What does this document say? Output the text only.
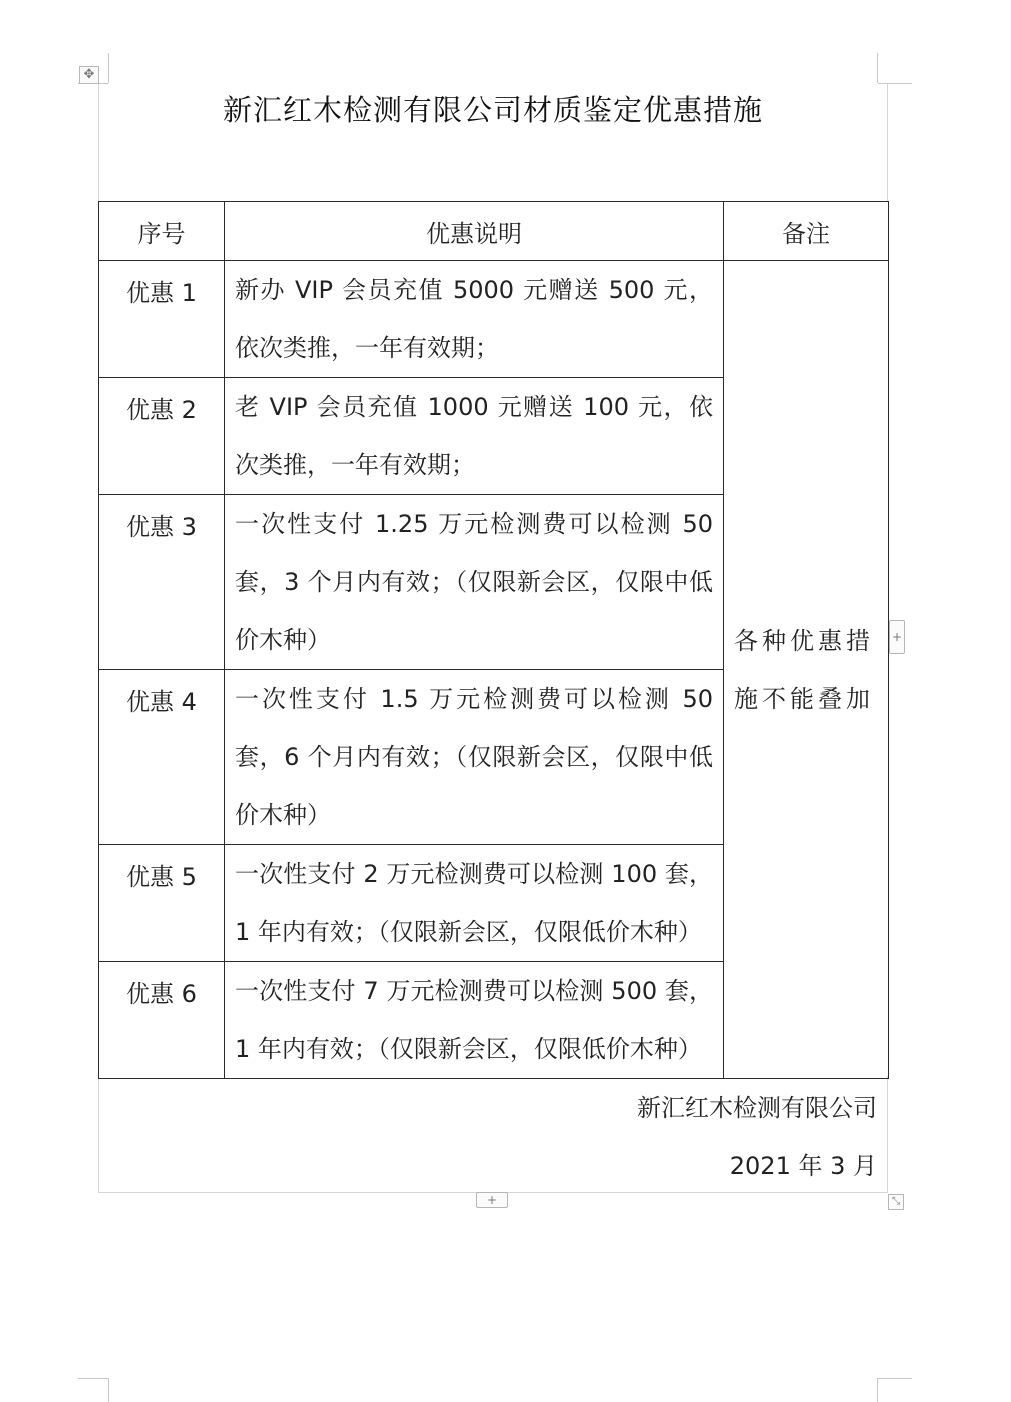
✥
新汇红木检测有限公司材质鉴定优惠措施
序号	优惠说明	备注
优惠 1	新办 VIP 会员充值 5000 元赠送 500 元，依次类推，一年有效期；	各种优惠措施不能叠加
优惠 2	老 VIP 会员充值 1000 元赠送 100 元，依次类推，一年有效期；	
优惠 3	一次性支付 1.25 万元检测费可以检测 50 套，3 个月内有效；（仅限新会区，仅限中低价木种）	
优惠 4	一次性支付 1.5 万元检测费可以检测 50 套，6 个月内有效；（仅限新会区，仅限中低价木种）	
优惠 5	一次性支付 2 万元检测费可以检测 100 套，1 年内有效；（仅限新会区，仅限低价木种）	
优惠 6	一次性支付 7 万元检测费可以检测 500 套，1 年内有效；（仅限新会区，仅限低价木种）	
+
新汇红木检测有限公司
2021 年 3 月
+	⤡
